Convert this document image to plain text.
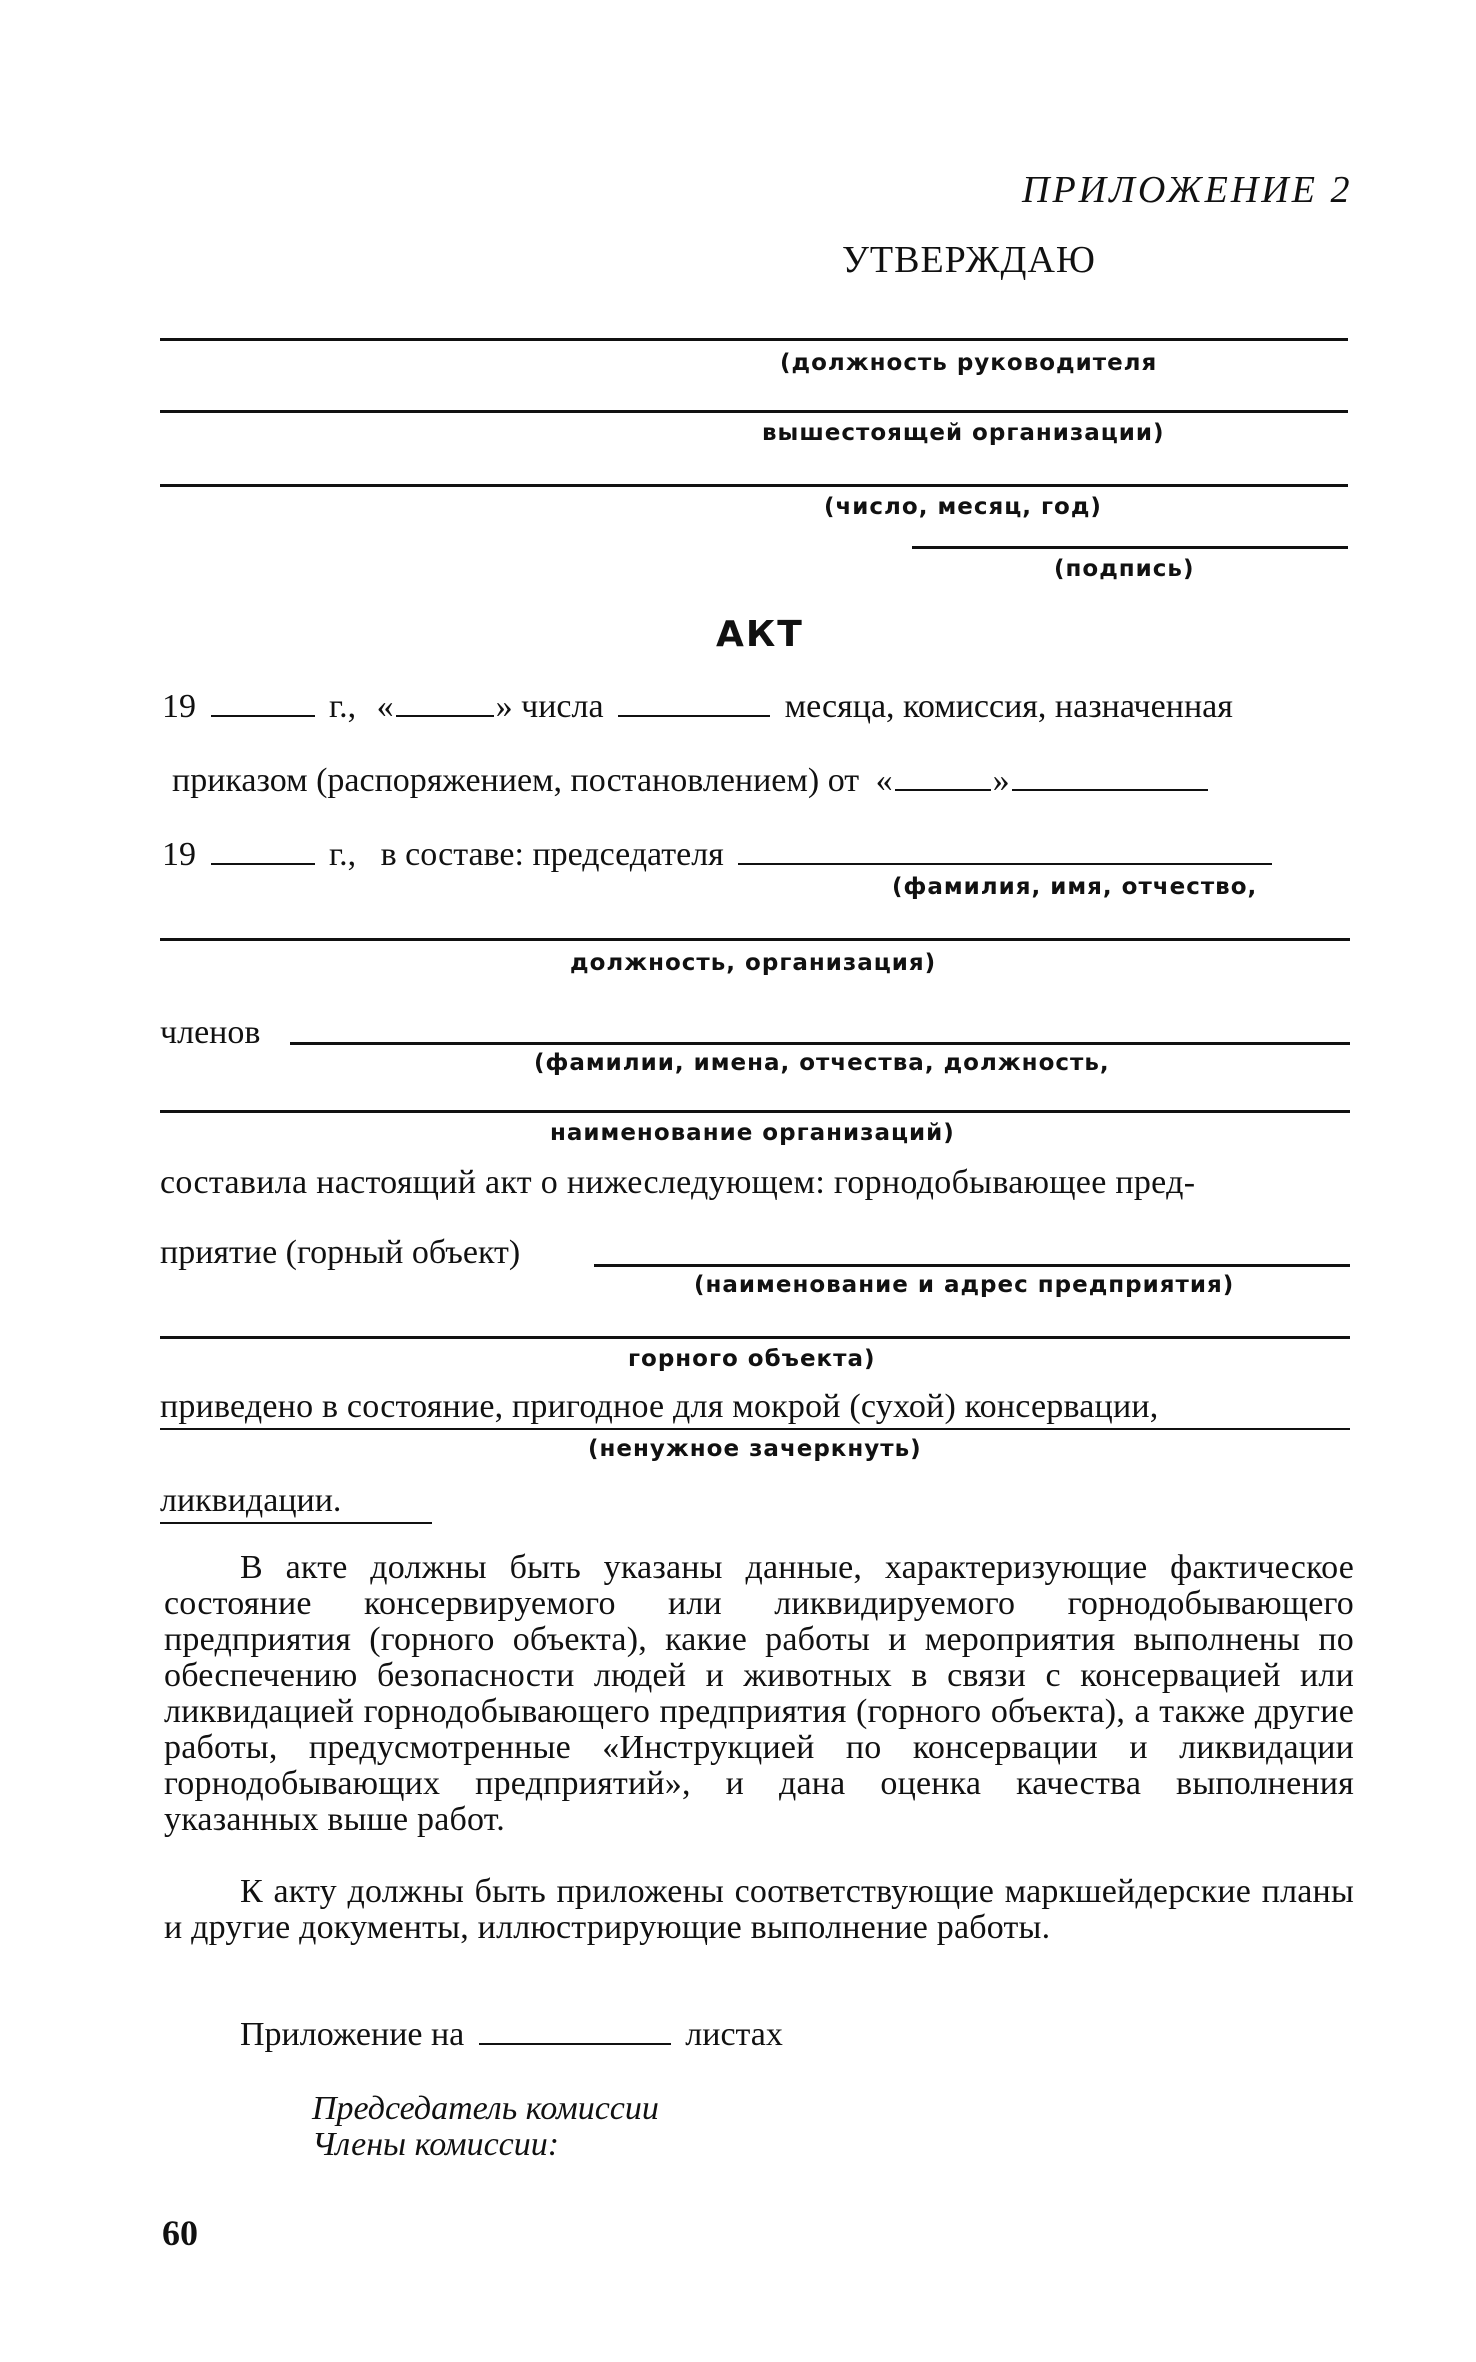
ПРИЛОЖЕНИЕ 2
УТВЕРЖДАЮ
(должность руководителя
вышестоящей организации)
(число, месяц, год)
(подпись)
АКТ
19	г., «	» числа	месяца, комиссия, назначенная
приказом (распоряжением, постановлением) от «	»
19	г., в составе: председателя
(фамилия, имя, отчество,
должность, организация)
членов
(фамилии, имена, отчества, должность,
наименование организаций)
составила настоящий акт о нижеследующем: горнодобывающее пред-
приятие (горный объект)
(наименование и адрес предприятия)
горного объекта)
приведено в состояние, пригодное для мокрой (сухой) консервации,
(ненужное зачеркнуть)
ликвидации.
В акте должны быть указаны данные, характеризующие фактическое состояние консервируемого или ликвидируемого горнодобывающего предприятия (горного объекта), какие работы и мероприятия выполнены по обеспечению безопасности людей и животных в связи с консервацией или ликвидацией горнодобывающего предприятия (горного объекта), а также другие работы, предусмотренные «Инструкцией по консервации и ликвидации горнодобывающих предприятий», и дана оценка качества выполнения указанных выше работ.
К акту должны быть приложены соответствующие маркшейдерские планы и другие документы, иллюстрирующие выполнение работы.
Приложение на	листах
Председатель комиссии
Члены комиссии:
60
